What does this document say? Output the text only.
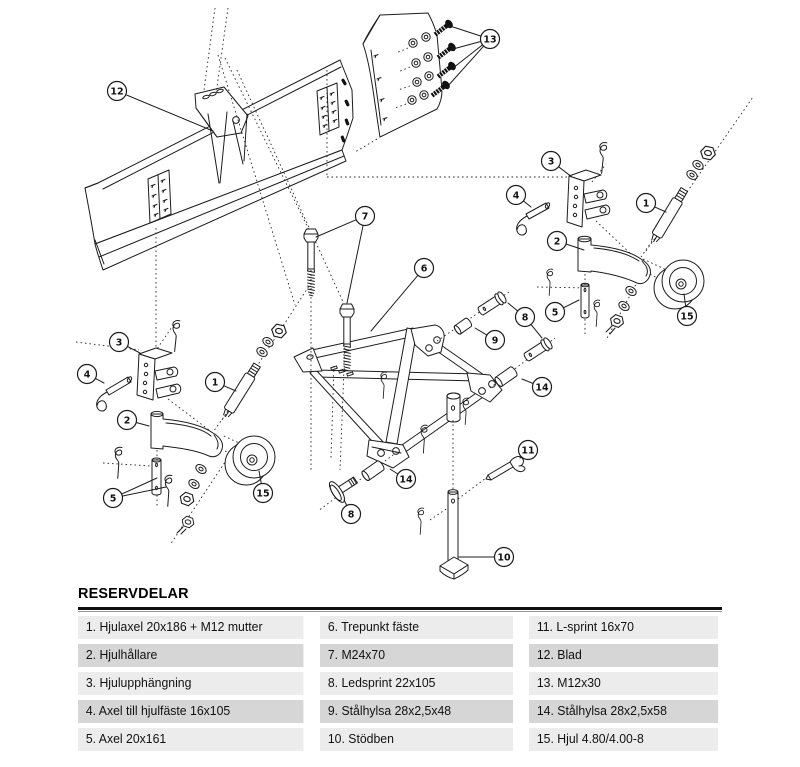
12
13
7
6
3
4
1
2
5
8
9
14
15
11
10
14
8
3
4
1
2
5	15
RESERVDELAR
1. Hjulaxel 20x186 + M12 mutter
2. Hjulhållare
3. Hjulupphängning
4. Axel till hjulfäste 16x105
5. Axel 20x161
6. Trepunkt fäste
7. M24x70
8. Ledsprint 22x105
9. Stålhylsa 28x2,5x48
10. Stödben
11. L-sprint 16x70
12. Blad
13. M12x30
14. Stålhylsa 28x2,5x58
15. Hjul 4.80/4.00-8
